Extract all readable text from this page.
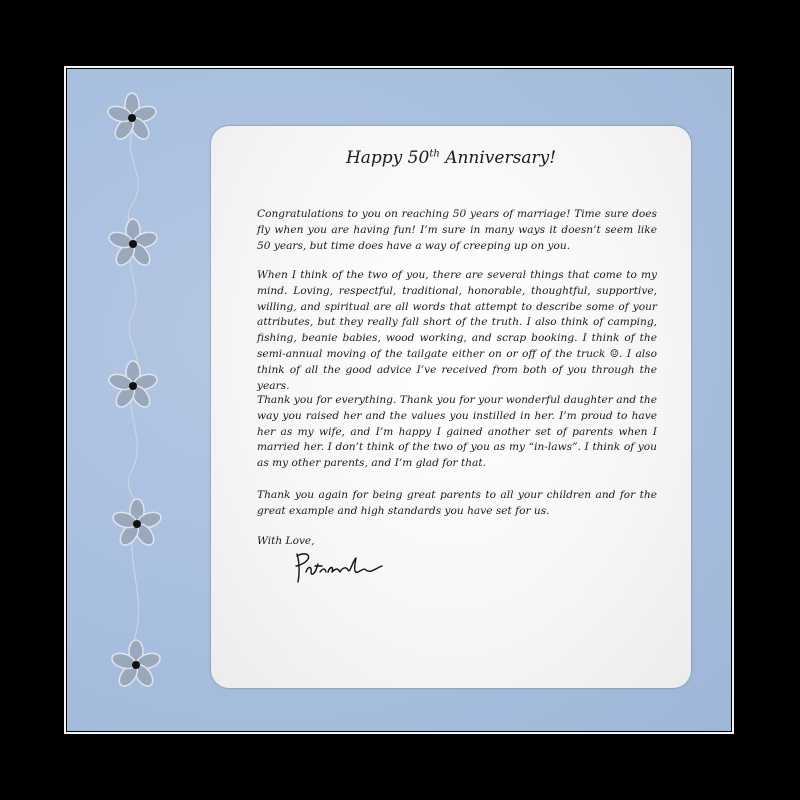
Happy 50th Anniversary!

Congratulations to you on reaching 50 years of marriage! Time sure does fly when you are having fun! I’m sure in many ways it doesn’t seem like 50 years, but time does have a way of creeping up on you.

When I think of the two of you, there are several things that come to my mind. Loving, respectful, traditional, honorable, thoughtful, supportive, willing, and spiritual are all words that attempt to describe some of your attributes, but they really fall short of the truth. I also think of camping, fishing, beanie babies, wood working, and scrap booking. I think of the semi-annual moving of the tailgate either on or off of the truck ☺. I also think of all the good advice I’ve received from both of you through the years.

Thank you for everything. Thank you for your wonderful daughter and the way you raised her and the values you instilled in her. I’m proud to have her as my wife, and I’m happy I gained another set of parents when I married her. I don’t think of the two of you as my “in-laws”. I think of you as my other parents, and I’m glad for that.

Thank you again for being great parents to all your children and for the great example and high standards you have set for us.

With Love,
